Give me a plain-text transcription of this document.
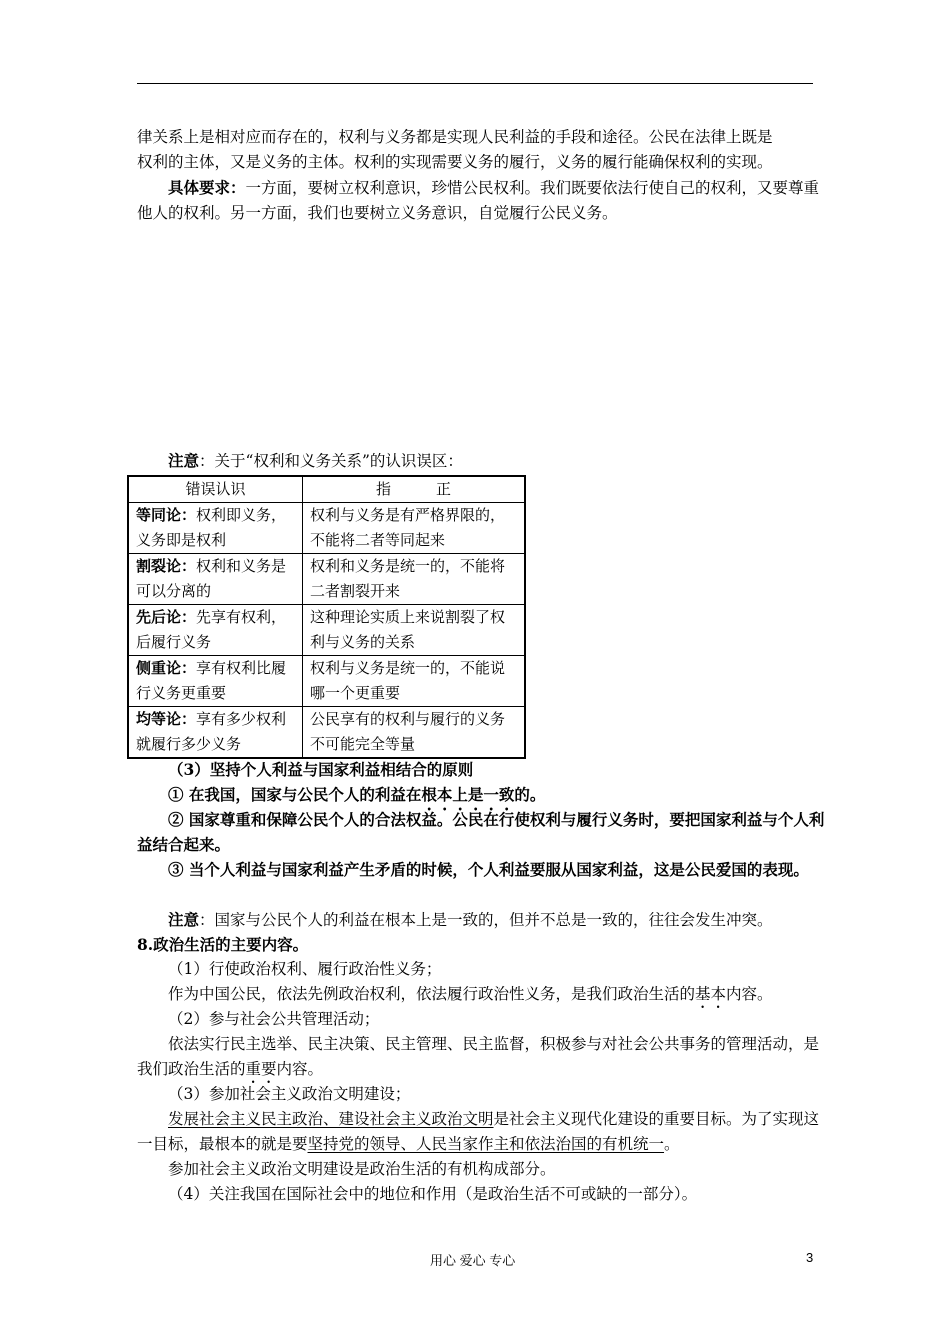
律关系上是相对应而存在的，权利与义务都是实现人民利益的手段和途径。公民在法律上既是

权利的主体，又是义务的主体。权利的实现需要义务的履行，义务的履行能确保权利的实现。

具体要求：一方面，要树立权利意识，珍惜公民权利。我们既要依法行使自己的权利，又要尊重他人的权利。另一方面，我们也要树立义务意识，自觉履行公民义务。

注意：关于“权利和义务关系”的认识误区：

错误认识	指　　　正
等同论：权利即义务，义务即是权利	权利与义务是有严格界限的，不能将二者等同起来
割裂论：权利和义务是可以分离的	权利和义务是统一的，不能将二者割裂开来
先后论：先享有权利，后履行义务	这种理论实质上来说割裂了权利与义务的关系
侧重论：享有权利比履行义务更重要	权利与义务是统一的，不能说哪一个更重要
均等论：享有多少权利就履行多少义务	公民享有的权利与履行的义务不可能完全等量

（3）坚持个人利益与国家利益相结合的原则

① 在我国，国家与公民个人的利益在根本上是一致的。

② 国家尊重和保障公民个人的合法权益。公民在行使权利与履行义务时，要把国家利益与个人利益结合起来。

③ 当个人利益与国家利益产生矛盾的时候，个人利益要服从国家利益，这是公民爱国的表现。

注意：国家与公民个人的利益在根本上是一致的，但并不总是一致的，往往会发生冲突。

8.政治生活的主要内容。

（1）行使政治权利、履行政治性义务；

作为中国公民，依法先例政治权利，依法履行政治性义务，是我们政治生活的基本内容。

（2）参与社会公共管理活动；

依法实行民主选举、民主决策、民主管理、民主监督，积极参与对社会公共事务的管理活动，是我们政治生活的重要内容。

（3）参加社会主义政治文明建设；

发展社会主义民主政治、建设社会主义政治文明是社会主义现代化建设的重要目标。为了实现这一目标，最根本的就是要坚持党的领导、人民当家作主和依法治国的有机统一。

参加社会主义政治文明建设是政治生活的有机构成部分。

（4）关注我国在国际社会中的地位和作用（是政治生活不可或缺的一部分）。

用心 爱心 专心	3
